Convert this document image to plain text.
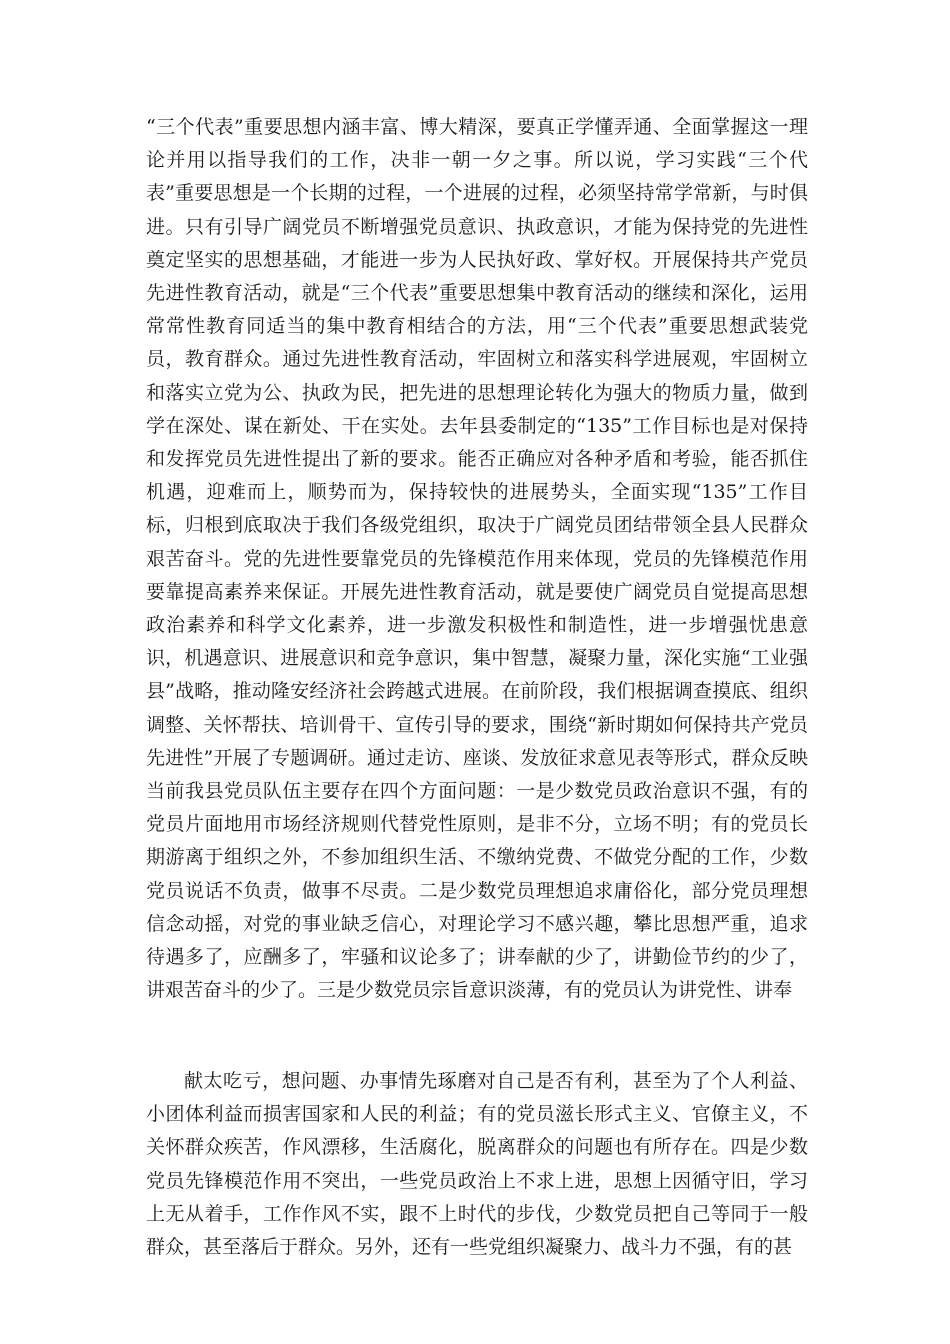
“三个代表”重要思想内涵丰富、博大精深，要真正学懂弄通、全面掌握这一理论并用以指导我们的工作，决非一朝一夕之事。所以说，学习实践“三个代表”重要思想是一个长期的过程，一个进展的过程，必须坚持常学常新，与时俱进。只有引导广阔党员不断增强党员意识、执政意识，才能为保持党的先进性奠定坚实的思想基础，才能进一步为人民执好政、掌好权。开展保持共产党员先进性教育活动，就是“三个代表”重要思想集中教育活动的继续和深化，运用常常性教育同适当的集中教育相结合的方法，用“三个代表”重要思想武装党员，教育群众。通过先进性教育活动，牢固树立和落实科学进展观，牢固树立和落实立党为公、执政为民，把先进的思想理论转化为强大的物质力量，做到学在深处、谋在新处、干在实处。去年县委制定的“135”工作目标也是对保持和发挥党员先进性提出了新的要求。能否正确应对各种矛盾和考验，能否抓住机遇，迎难而上，顺势而为，保持较快的进展势头，全面实现“135”工作目标，归根到底取决于我们各级党组织，取决于广阔党员团结带领全县人民群众艰苦奋斗。党的先进性要靠党员的先锋模范作用来体现，党员的先锋模范作用要靠提高素养来保证。开展先进性教育活动，就是要使广阔党员自觉提高思想政治素养和科学文化素养，进一步激发积极性和制造性，进一步增强忧患意识，机遇意识、进展意识和竞争意识，集中智慧，凝聚力量，深化实施“工业强县”战略，推动隆安经济社会跨越式进展。在前阶段，我们根据调查摸底、组织调整、关怀帮扶、培训骨干、宣传引导的要求，围绕“新时期如何保持共产党员先进性”开展了专题调研。通过走访、座谈、发放征求意见表等形式，群众反映当前我县党员队伍主要存在四个方面问题：一是少数党员政治意识不强，有的党员片面地用市场经济规则代替党性原则，是非不分，立场不明；有的党员长期游离于组织之外，不参加组织生活、不缴纳党费、不做党分配的工作，少数党员说话不负责，做事不尽责。二是少数党员理想追求庸俗化，部分党员理想信念动摇，对党的事业缺乏信心，对理论学习不感兴趣，攀比思想严重，追求待遇多了，应酬多了，牢骚和议论多了；讲奉献的少了，讲勤俭节约的少了，讲艰苦奋斗的少了。三是少数党员宗旨意识淡薄，有的党员认为讲党性、讲奉

献太吃亏，想问题、办事情先琢磨对自己是否有利，甚至为了个人利益、小团体利益而损害国家和人民的利益；有的党员滋长形式主义、官僚主义，不关怀群众疾苦，作风漂移，生活腐化，脱离群众的问题也有所存在。四是少数党员先锋模范作用不突出，一些党员政治上不求上进，思想上因循守旧，学习上无从着手，工作作风不实，跟不上时代的步伐，少数党员把自己等同于一般群众，甚至落后于群众。另外，还有一些党组织凝聚力、战斗力不强，有的甚
